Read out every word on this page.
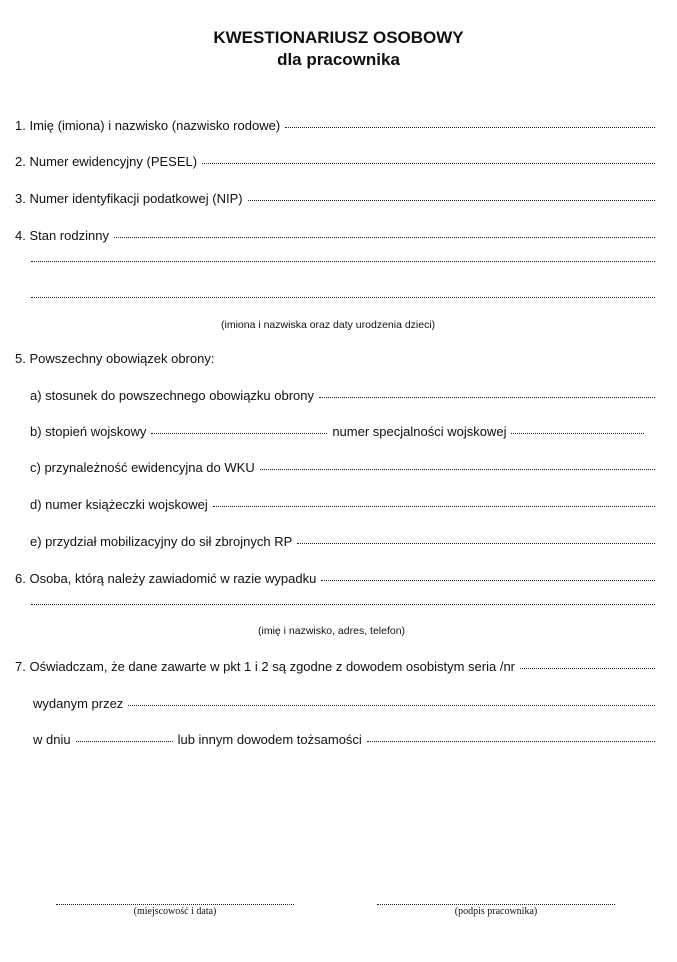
KWESTIONARIUSZ OSOBOWY
dla pracownika
1. Imię (imiona) i nazwisko (nazwisko rodowe)
2. Numer ewidencyjny (PESEL)
3. Numer identyfikacji podatkowej (NIP)
4. Stan rodzinny
(imiona i nazwiska oraz daty urodzenia dzieci)
5. Powszechny obowiązek obrony:
a) stosunek do powszechnego obowiązku obrony
b) stopień wojskowy	numer specjalności wojskowej
c) przynależność ewidencyjna do WKU
d) numer książeczki wojskowej
e) przydział mobilizacyjny do sił zbrojnych RP
6. Osoba, którą należy zawiadomić w razie wypadku
(imię i nazwisko, adres, telefon)
7. Oświadczam, że dane zawarte w pkt 1 i 2 są zgodne z dowodem osobistym seria /nr
wydanym przez
w dniu	lub innym dowodem tożsamości
(miejscowość i data)	(podpis pracownika)
